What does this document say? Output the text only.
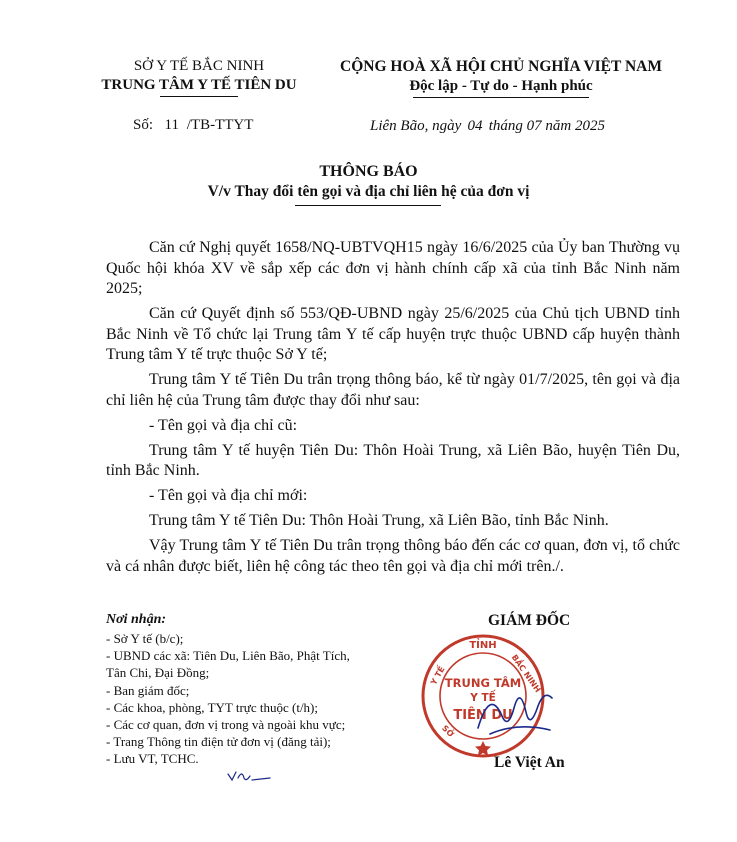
SỞ Y TẾ BẮC NINH
TRUNG TÂM Y TẾ TIÊN DU
CỘNG HOÀ XÃ HỘI CHỦ NGHĨA VIỆT NAM
Độc lập - Tự do - Hạnh phúc
Số: 11 /TB-TTYT	Liên Bão, ngày 04 tháng 07 năm 2025
THÔNG BÁO
V/v Thay đổi tên gọi và địa chỉ liên hệ của đơn vị

Căn cứ Nghị quyết 1658/NQ-UBTVQH15 ngày 16/6/2025 của Ủy ban Thường vụ Quốc hội khóa XV về sắp xếp các đơn vị hành chính cấp xã của tỉnh Bắc Ninh năm 2025;

Căn cứ Quyết định số 553/QĐ-UBND ngày 25/6/2025 của Chủ tịch UBND tỉnh Bắc Ninh về Tổ chức lại Trung tâm Y tế cấp huyện trực thuộc UBND cấp huyện thành Trung tâm Y tế trực thuộc Sở Y tế;

Trung tâm Y tế Tiên Du trân trọng thông báo, kể từ ngày 01/7/2025, tên gọi và địa chỉ liên hệ của Trung tâm được thay đổi như sau:

- Tên gọi và địa chỉ cũ:

Trung tâm Y tế huyện Tiên Du: Thôn Hoài Trung, xã Liên Bão, huyện Tiên Du, tỉnh Bắc Ninh.

- Tên gọi và địa chỉ mới:

Trung tâm Y tế Tiên Du: Thôn Hoài Trung, xã Liên Bão, tỉnh Bắc Ninh.

Vậy Trung tâm Y tế Tiên Du trân trọng thông báo đến các cơ quan, đơn vị, tổ chức và cá nhân được biết, liên hệ công tác theo tên gọi và địa chỉ mới trên./.

Nơi nhận:
- Sở Y tế (b/c);
- UBND các xã: Tiên Du, Liên Bão, Phật Tích,
Tân Chi, Đại Đồng;
- Ban giám đốc;
- Các khoa, phòng, TYT trực thuộc (t/h);
- Các cơ quan, đơn vị trong và ngoài khu vực;
- Trang Thông tin điện tử đơn vị (đăng tải);
- Lưu VT, TCHC.
GIÁM ĐỐC
TỈNH
BẮC NINH
Y TẾ
SỞ
TRUNG TÂM
Y TẾ
TIÊN DU
Lê Việt An
